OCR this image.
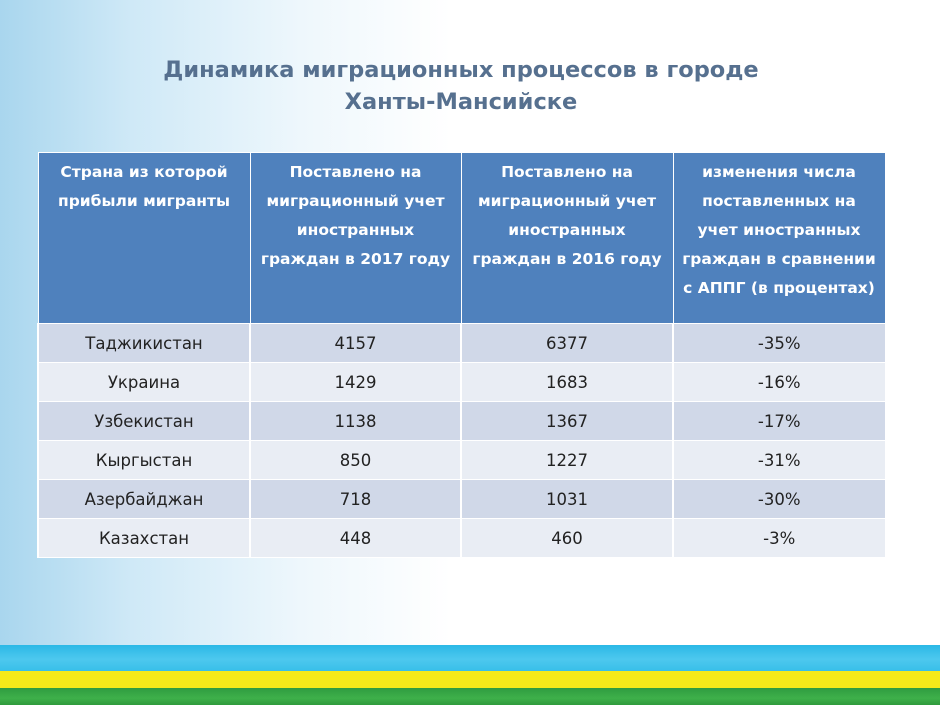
Динамика миграционных процессов в городе
Ханты-Мансийске
Страна из которой прибыли мигранты	Поставлено на миграционный учет иностранных граждан в 2017 году	Поставлено на миграционный учет иностранных граждан в 2016 году	изменения числа поставленных на учет иностранных граждан в сравнении с АППГ (в процентах)
Таджикистан	4157	6377	-35%
Украина	1429	1683	-16%
Узбекистан	1138	1367	-17%
Кыргыстан	850	1227	-31%
Азербайджан	718	1031	-30%
Казахстан	448	460	-3%
